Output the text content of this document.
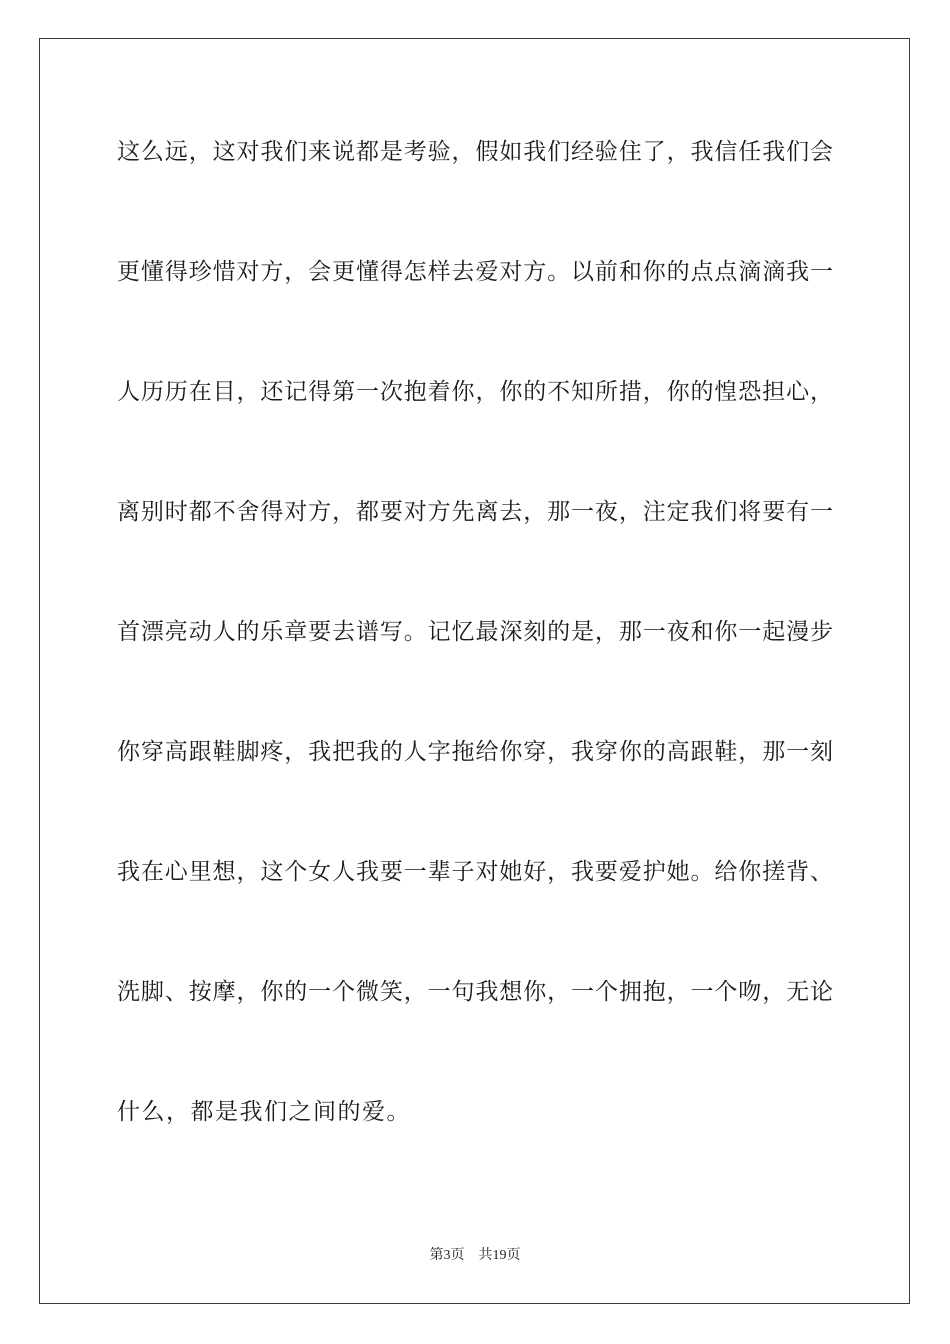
这么远，这对我们来说都是考验，假如我们经验住了，我信任我们会
更懂得珍惜对方，会更懂得怎样去爱对方。以前和你的点点滴滴我一
人历历在目，还记得第一次抱着你，你的不知所措，你的惶恐担心，
离别时都不舍得对方，都要对方先离去，那一夜，注定我们将要有一
首漂亮动人的乐章要去谱写。记忆最深刻的是，那一夜和你一起漫步
你穿高跟鞋脚疼，我把我的人字拖给你穿，我穿你的高跟鞋，那一刻
我在心里想，这个女人我要一辈子对她好，我要爱护她。给你搓背、
洗脚、按摩，你的一个微笑，一句我想你，一个拥抱，一个吻，无论
什么，都是我们之间的爱。
第3页 共19页
